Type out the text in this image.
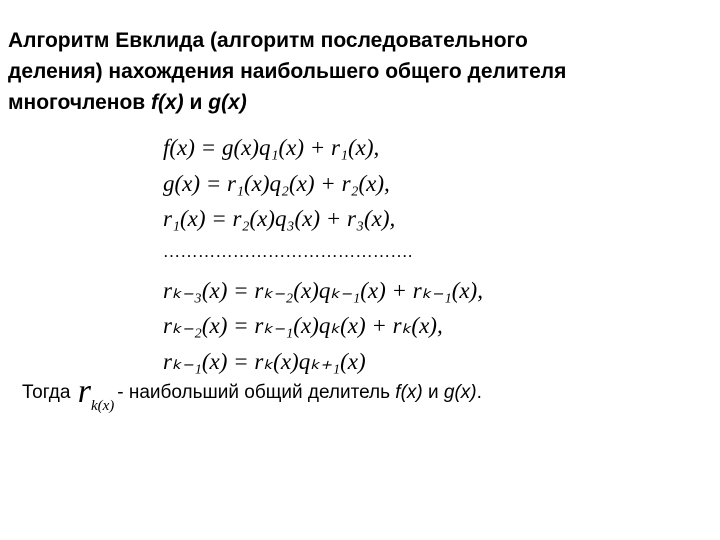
Алгоритм Евклида (алгоритм последовательного
деления) нахождения наибольшего общего делителя
многочленов f(x) и g(x)
f(x) = g(x)q₁(x) + r₁(x),
g(x) = r₁(x)q₂(x) + r₂(x),
r₁(x) = r₂(x)q₃(x) + r₃(x),
…………………………………….
rₖ₋₃(x) = rₖ₋₂(x)qₖ₋₁(x) + rₖ₋₁(x),
rₖ₋₂(x) = rₖ₋₁(x)qₖ(x) + rₖ(x),
rₖ₋₁(x) = rₖ(x)qₖ₊₁(x)
Тогда $r_{k(x)}-$ наибольший общий делитель f(x) и g(x).
